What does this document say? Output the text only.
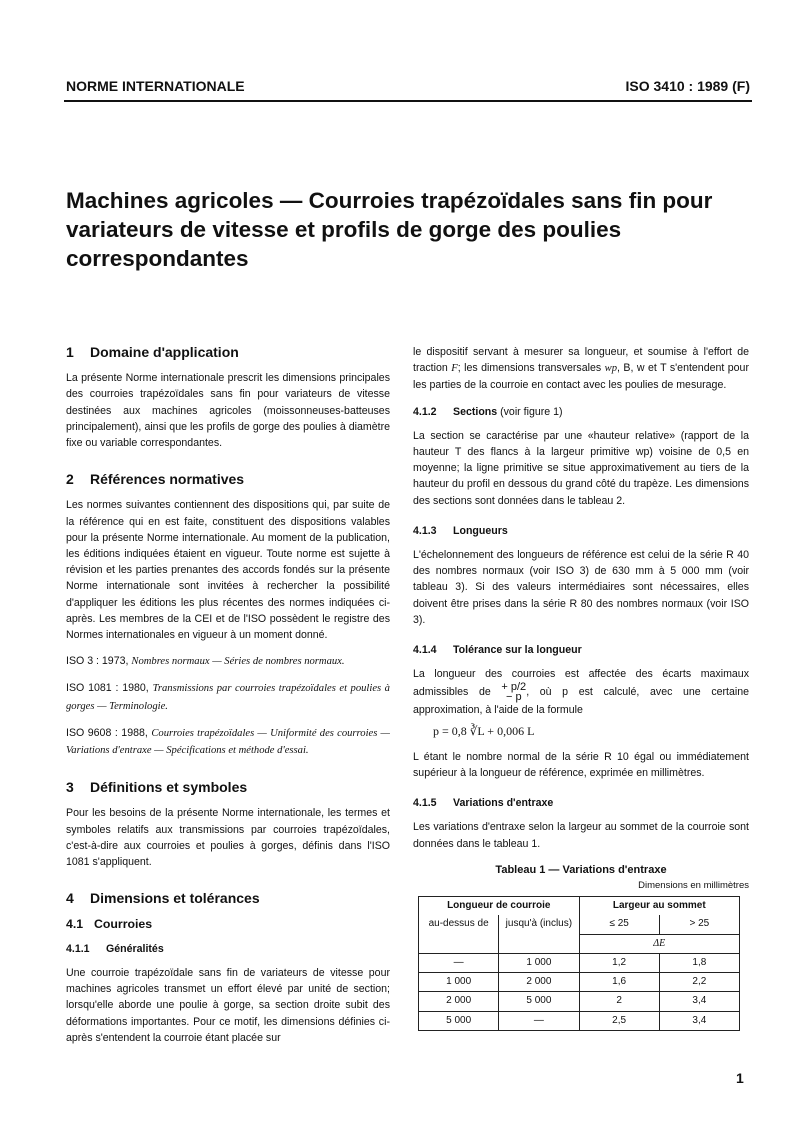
NORME INTERNATIONALE	ISO 3410 : 1989 (F)
Machines agricoles — Courroies trapézoïdales sans fin pour variateurs de vitesse et profils de gorge des poulies correspondantes
1 Domaine d'application

La présente Norme internationale prescrit les dimensions principales des courroies trapézoïdales sans fin pour variateurs de vitesse destinées aux machines agricoles (moissonneuses-batteuses principalement), ainsi que les profils de gorge des poulies à diamètre fixe ou variable correspondantes.

2 Références normatives

Les normes suivantes contiennent des dispositions qui, par suite de la référence qui en est faite, constituent des dispositions valables pour la présente Norme internationale. Au moment de la publication, les éditions indiquées étaient en vigueur. Toute norme est sujette à révision et les parties prenantes des accords fondés sur la présente Norme internationale sont invitées à rechercher la possibilité d'appliquer les éditions les plus récentes des normes indiquées ci-après. Les membres de la CEI et de l'ISO possèdent le registre des Normes internationales en vigueur à un moment donné.

ISO 3 : 1973, Nombres normaux — Séries de nombres normaux.

ISO 1081 : 1980, Transmissions par courroies trapézoïdales et poulies à gorges — Terminologie.

ISO 9608 : 1988, Courroies trapézoïdales — Uniformité des courroies — Variations d'entraxe — Spécifications et méthode d'essai.

3 Définitions et symboles

Pour les besoins de la présente Norme internationale, les termes et symboles relatifs aux transmissions par courroies trapézoïdales, c'est-à-dire aux courroies et poulies à gorges, définis dans l'ISO 1081 s'appliquent.

4 Dimensions et tolérances
4.1 Courroies
4.1.1 Généralités

Une courroie trapézoïdale sans fin de variateurs de vitesse pour machines agricoles transmet un effort élevé par unité de section; lorsqu'elle aborde une poulie à gorge, sa section droite subit des déformations importantes. Pour ce motif, les dimensions définies ci-après s'entendent la courroie étant placée sur

le dispositif servant à mesurer sa longueur, et soumise à l'effort de traction F; les dimensions transversales wp, B, w et T s'entendent pour les parties de la courroie en contact avec les poulies de mesurage.

4.1.2 Sections (voir figure 1)

La section se caractérise par une «hauteur relative» (rapport de la hauteur T des flancs à la largeur primitive wp) voisine de 0,5 en moyenne; la ligne primitive se situe approximativement au tiers de la hauteur du profil en dessous du grand côté du trapèze. Les dimensions des sections sont données dans le tableau 2.

4.1.3 Longueurs

L'échelonnement des longueurs de référence est celui de la série R 40 des nombres normaux (voir ISO 3) de 630 mm à 5 000 mm (voir tableau 3). Si des valeurs intermédiaires sont nécessaires, elles doivent être prises dans la série R 80 des nombres normaux (voir ISO 3).

4.1.4 Tolérance sur la longueur

La longueur des courroies est affectée des écarts maximaux admissibles de + p/2
− p , où p est calculé, avec une certaine approximation, à l'aide de la formule

p = 0,8 ∛L + 0,006 L

L étant le nombre normal de la série R 10 égal ou immédiatement supérieur à la longueur de référence, exprimée en millimètres.

4.1.5 Variations d'entraxe

Les variations d'entraxe selon la largeur au sommet de la courroie sont données dans le tableau 1.

Tableau 1 — Variations d'entraxe
Dimensions en millimètres
Longueur de courroie		Largeur au sommet	
au-dessus de	jusqu'à (inclus)	≤ 25	> 25
		ΔE	
—	1 000	1,2	1,8
1 000	2 000	1,6	2,2
2 000	5 000	2	3,4
5 000	—	2,5	3,4
1
